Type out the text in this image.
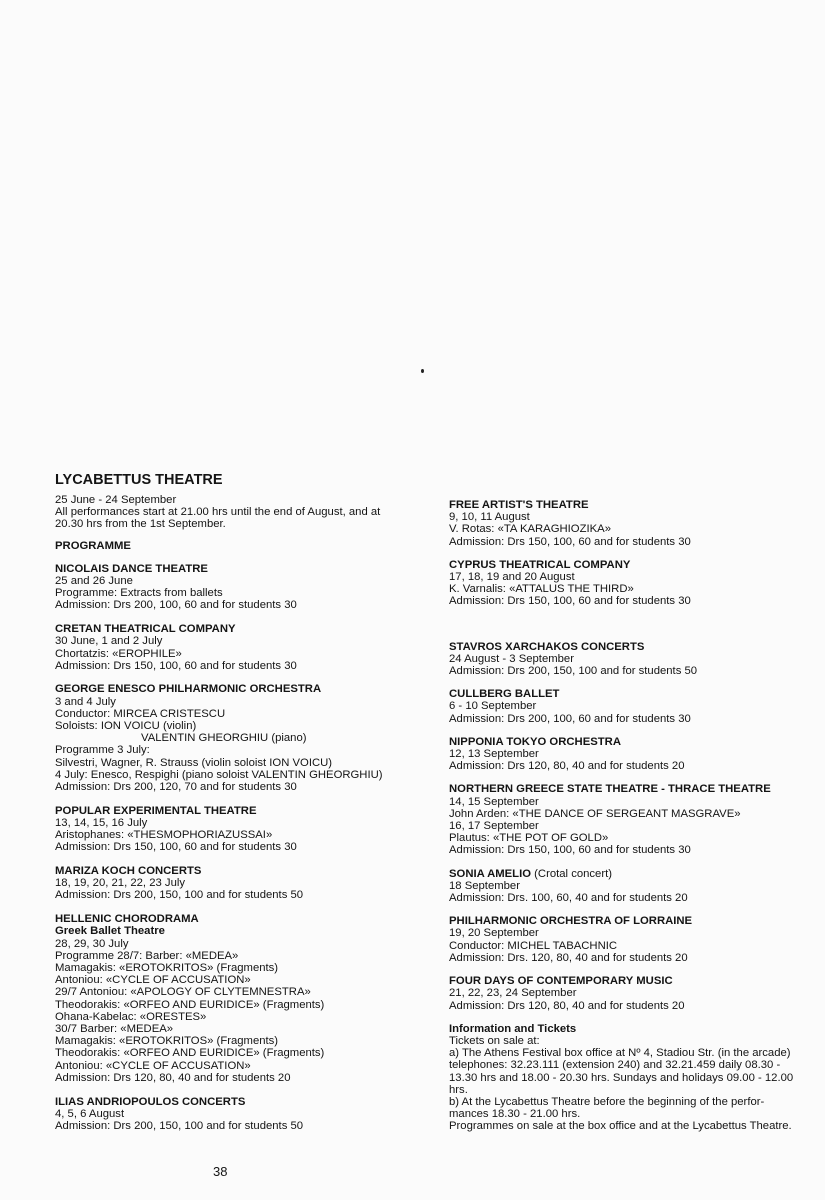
LYCABETTUS THEATRE
25 June - 24 September
All performances start at 21.00 hrs until the end of August, and at
20.30 hrs from the 1st September.
PROGRAMME
NICOLAIS DANCE THEATRE
25 and 26 June
Programme: Extracts from ballets
Admission: Drs 200, 100, 60 and for students 30
CRETAN THEATRICAL COMPANY
30 June, 1 and 2 July
Chortatzis: «EROPHILE»
Admission: Drs 150, 100, 60 and for students 30
GEORGE ENESCO PHILHARMONIC ORCHESTRA
3 and 4 July
Conductor: MIRCEA CRISTESCU
Soloists: ION VOICU (violin)
VALENTIN GHEORGHIU (piano)
Programme 3 July:
Silvestri, Wagner, R. Strauss (violin soloist ION VOICU)
4 July: Enesco, Respighi (piano soloist VALENTIN GHEORGHIU)
Admission: Drs 200, 120, 70 and for students 30
POPULAR EXPERIMENTAL THEATRE
13, 14, 15, 16 July
Aristophanes: «THESMOPHORIAZUSSAI»
Admission: Drs 150, 100, 60 and for students 30
MARIZA KOCH CONCERTS
18, 19, 20, 21, 22, 23 July
Admission: Drs 200, 150, 100 and for students 50
HELLENIC CHORODRAMA
Greek Ballet Theatre
28, 29, 30 July
Programme 28/7: Barber: «MEDEA»
Mamagakis: «EROTOKRITOS» (Fragments)
Antoniou: «CYCLE OF ACCUSATION»
29/7 Antoniou: «APOLOGY OF CLYTEMNESTRA»
Theodorakis: «ORFEO AND EURIDICE» (Fragments)
Ohana-Kabelac: «ORESTES»
30/7 Barber: «MEDEA»
Mamagakis: «EROTOKRITOS» (Fragments)
Theodorakis: «ORFEO AND EURIDICE» (Fragments)
Antoniou: «CYCLE OF ACCUSATION»
Admission: Drs 120, 80, 40 and for students 20
ILIAS ANDRIOPOULOS CONCERTS
4, 5, 6 August
Admission: Drs 200, 150, 100 and for students 50
FREE ARTIST'S THEATRE
9, 10, 11 August
V. Rotas: «TA KARAGHIOZIKA»
Admission: Drs 150, 100, 60 and for students 30
CYPRUS THEATRICAL COMPANY
17, 18, 19 and 20 August
K. Varnalis: «ATTALUS THE THIRD»
Admission: Drs 150, 100, 60 and for students 30
STAVROS XARCHAKOS CONCERTS
24 August - 3 September
Admission: Drs 200, 150, 100 and for students 50
CULLBERG BALLET
6 - 10 September
Admission: Drs 200, 100, 60 and for students 30
NIPPONIA TOKYO ORCHESTRA
12, 13 September
Admission: Drs 120, 80, 40 and for students 20
NORTHERN GREECE STATE THEATRE - THRACE THEATRE
14, 15 September
John Arden: «THE DANCE OF SERGEANT MASGRAVE»
16, 17 September
Plautus: «THE POT OF GOLD»
Admission: Drs 150, 100, 60 and for students 30
SONIA AMELIO (Crotal concert)
18 September
Admission: Drs. 100, 60, 40 and for students 20
PHILHARMONIC ORCHESTRA OF LORRAINE
19, 20 September
Conductor: MICHEL TABACHNIC
Admission: Drs. 120, 80, 40 and for students 20
FOUR DAYS OF CONTEMPORARY MUSIC
21, 22, 23, 24 September
Admission: Drs 120, 80, 40 and for students 20
Information and Tickets
Tickets on sale at:
a) The Athens Festival box office at Nº 4, Stadiou Str. (in the arcade)
telephones: 32.23.111 (extension 240) and 32.21.459 daily 08.30 -
13.30 hrs and 18.00 - 20.30 hrs. Sundays and holidays 09.00 - 12.00
hrs.
b) At the Lycabettus Theatre before the beginning of the perfor-
mances 18.30 - 21.00 hrs.
Programmes on sale at the box office and at the Lycabettus Theatre.
38
